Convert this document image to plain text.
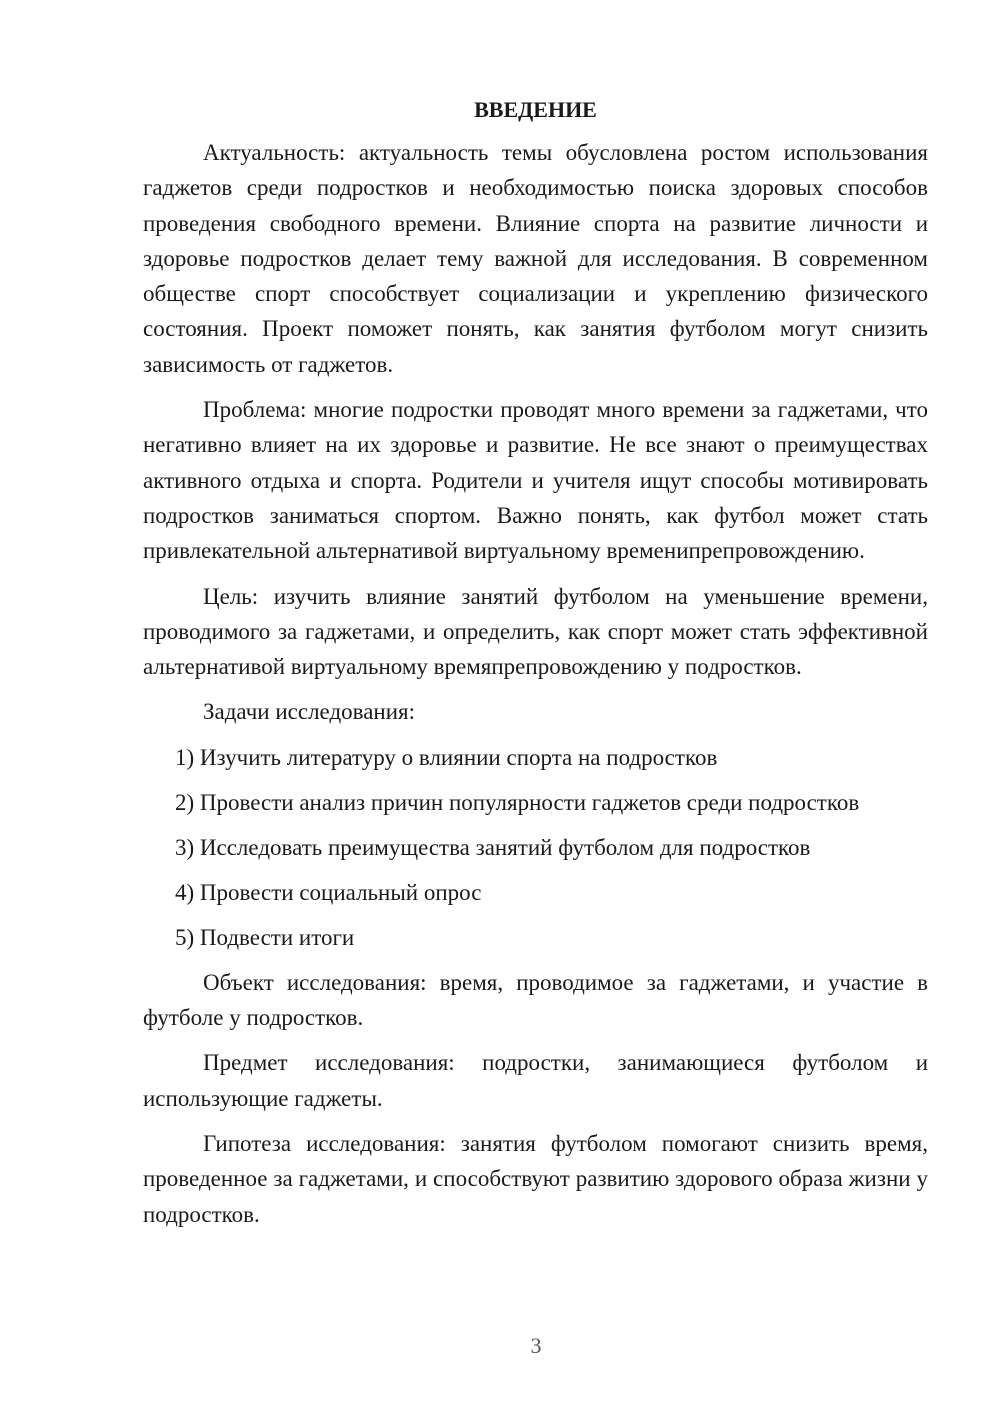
ВВЕДЕНИЕ

Актуальность: актуальность темы обусловлена ростом использования гаджетов среди подростков и необходимостью поиска здоровых способов проведения свободного времени. Влияние спорта на развитие личности и здоровье подростков делает тему важной для исследования. В современном обществе спорт способствует социализации и укреплению физического состояния. Проект поможет понять, как занятия футболом могут снизить зависимость от гаджетов.

Проблема: многие подростки проводят много времени за гаджетами, что негативно влияет на их здоровье и развитие. Не все знают о преимуществах активного отдыха и спорта. Родители и учителя ищут способы мотивировать подростков заниматься спортом. Важно понять, как футбол может стать привлекательной альтернативой виртуальному временипрепровождению.

Цель: изучить влияние занятий футболом на уменьшение времени, проводимого за гаджетами, и определить, как спорт может стать эффективной альтернативой виртуальному времяпрепровождению у подростков.

Задачи исследования:
1) Изучить литературу о влиянии спорта на подростков
2) Провести анализ причин популярности гаджетов среди подростков
3) Исследовать преимущества занятий футболом для подростков
4) Провести социальный опрос
5) Подвести итоги

Объект исследования: время, проводимое за гаджетами, и участие в футболе у подростков.

Предмет исследования: подростки, занимающиеся футболом и использующие гаджеты.

Гипотеза исследования: занятия футболом помогают снизить время, проведенное за гаджетами, и способствуют развитию здорового образа жизни у подростков.

3
